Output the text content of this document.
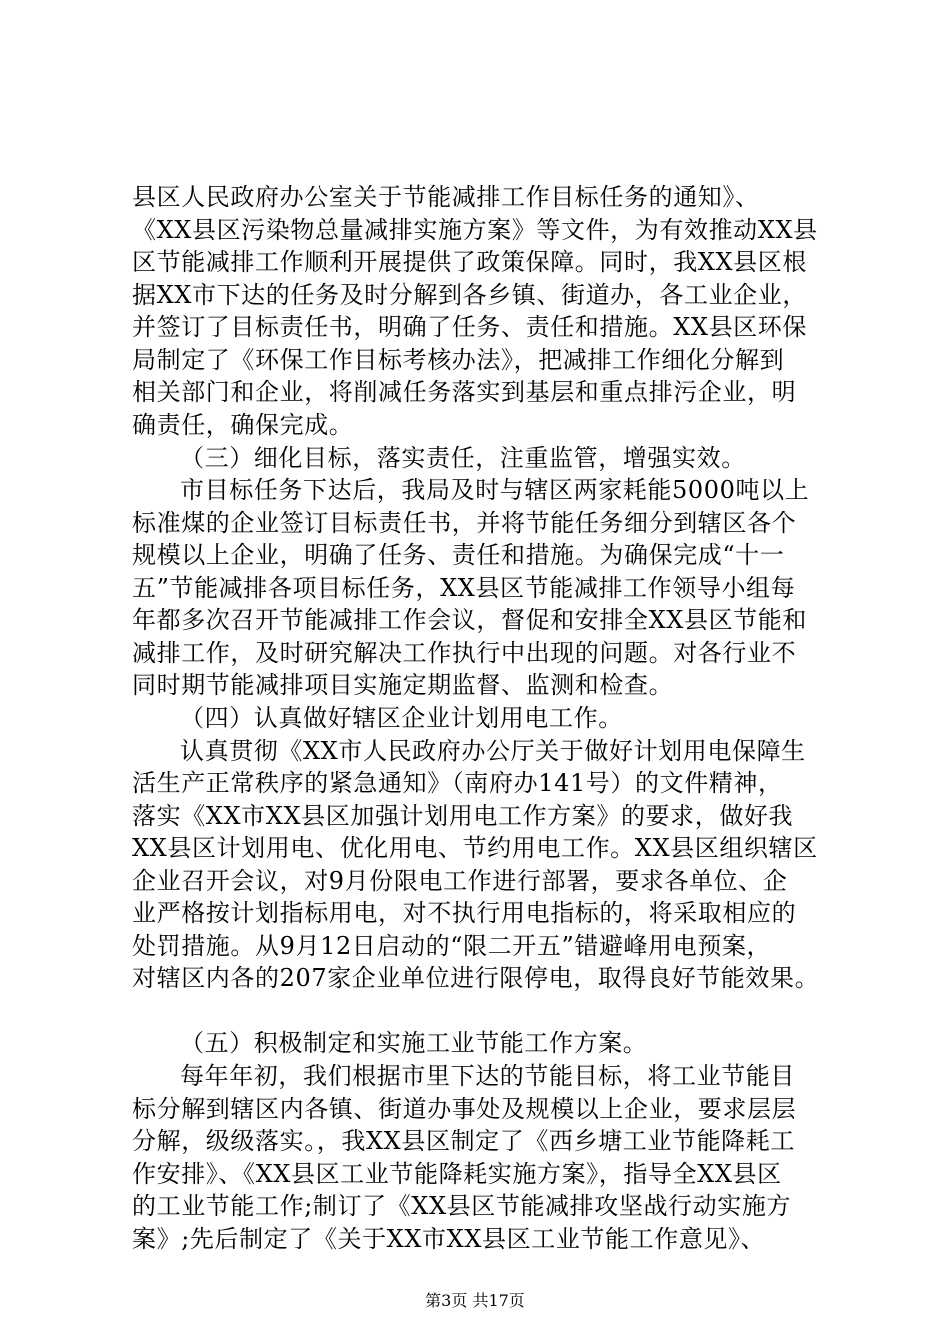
县区人民政府办公室关于节能减排工作目标任务的通知》、
《XX县区污染物总量减排实施方案》等文件，为有效推动XX县
区节能减排工作顺利开展提供了政策保障。同时，我XX县区根
据XX市下达的任务及时分解到各乡镇、街道办，各工业企业，
并签订了目标责任书，明确了任务、责任和措施。XX县区环保
局制定了《环保工作目标考核办法》，把减排工作细化分解到
相关部门和企业，将削减任务落实到基层和重点排污企业，明
确责任，确保完成。
（三）细化目标，落实责任，注重监管，增强实效。
市目标任务下达后，我局及时与辖区两家耗能5000吨以上
标准煤的企业签订目标责任书，并将节能任务细分到辖区各个
规模以上企业，明确了任务、责任和措施。为确保完成“十一
五”节能减排各项目标任务，XX县区节能减排工作领导小组每
年都多次召开节能减排工作会议，督促和安排全XX县区节能和
减排工作，及时研究解决工作执行中出现的问题。对各行业不
同时期节能减排项目实施定期监督、监测和检查。
（四）认真做好辖区企业计划用电工作。
认真贯彻《XX市人民政府办公厅关于做好计划用电保障生
活生产正常秩序的紧急通知》（南府办141号）的文件精神，
落实《XX市XX县区加强计划用电工作方案》的要求，做好我
XX县区计划用电、优化用电、节约用电工作。XX县区组织辖区
企业召开会议，对9月份限电工作进行部署，要求各单位、企
业严格按计划指标用电，对不执行用电指标的，将采取相应的
处罚措施。从9月12日启动的“限二开五”错避峰用电预案，
对辖区内各的207家企业单位进行限停电，取得良好节能效果。
（五）积极制定和实施工业节能工作方案。
每年年初，我们根据市里下达的节能目标，将工业节能目
标分解到辖区内各镇、街道办事处及规模以上企业，要求层层
分解，级级落实。，我XX县区制定了《西乡塘工业节能降耗工
作安排》、《XX县区工业节能降耗实施方案》，指导全XX县区
的工业节能工作;制订了《XX县区节能减排攻坚战行动实施方
案》;先后制定了《关于XX市XX县区工业节能工作意见》、
第3页 共17页
